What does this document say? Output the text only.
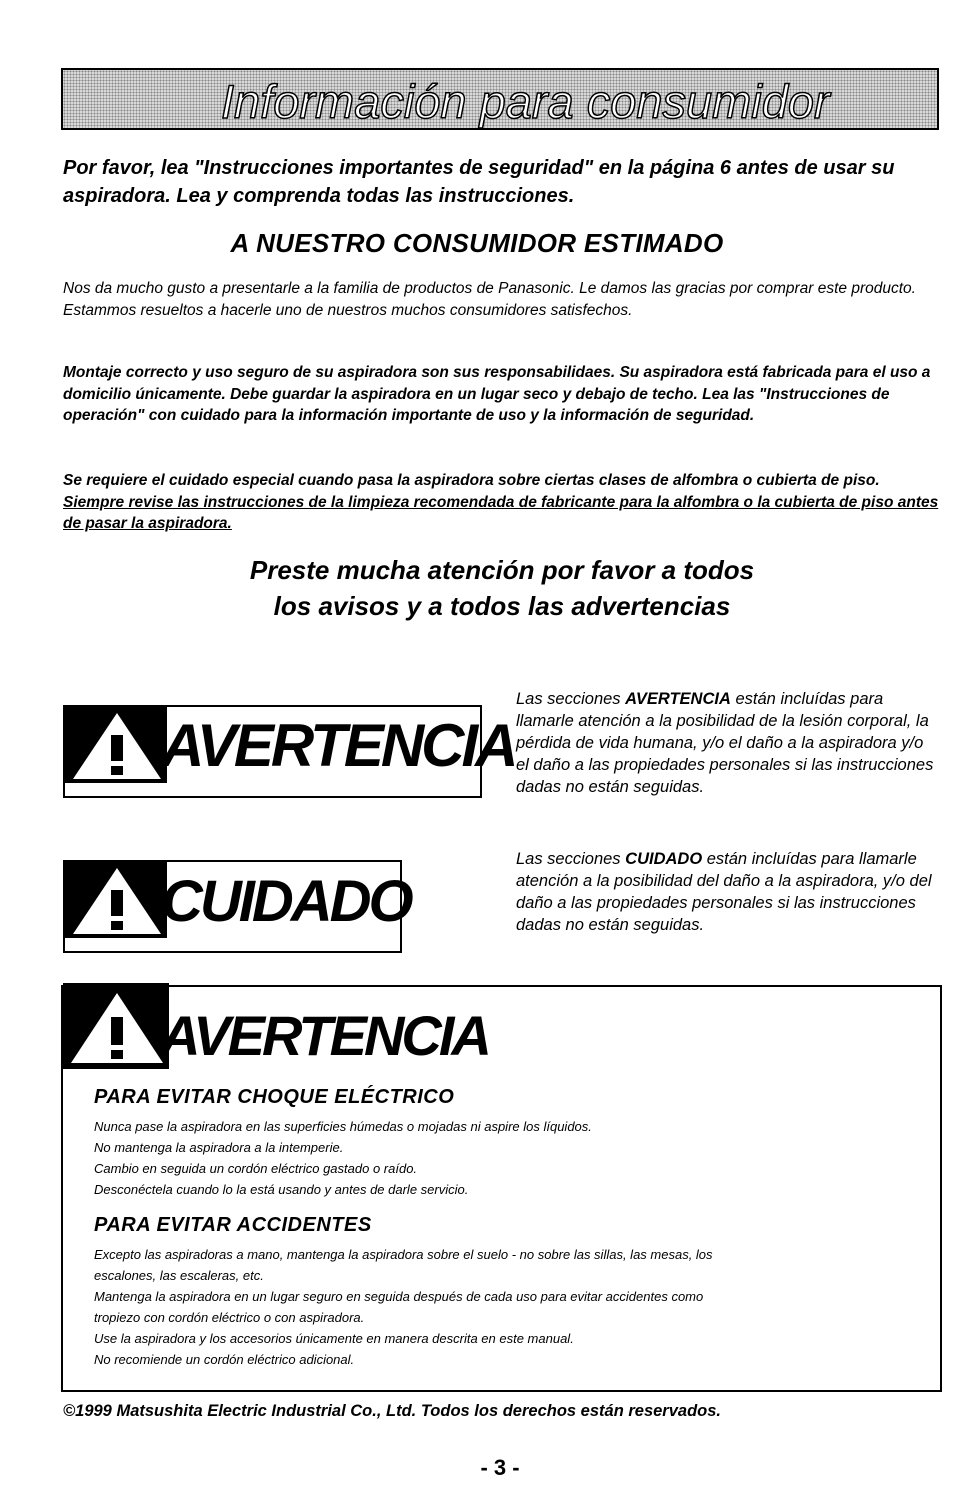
Información para consumidor
Por favor, lea "Instrucciones importantes de seguridad" en la página 6 antes de usar su aspiradora. Lea y comprenda todas las instrucciones.
A NUESTRO CONSUMIDOR ESTIMADO
Nos da mucho gusto a presentarle a la familia de productos de Panasonic. Le damos las gracias por comprar este producto. Estammos resueltos a hacerle uno de nuestros muchos consumidores satisfechos.
Montaje correcto y uso seguro de su aspiradora son sus responsabilidaes. Su aspiradora está fabricada para el uso a domicilio únicamente. Debe guardar la aspiradora en un lugar seco y debajo de techo. Lea las "Instrucciones de operación" con cuidado para la información importante de uso y la información de seguridad.
Se requiere el cuidado especial cuando pasa la aspiradora sobre ciertas clases de alfombra o cubierta de piso. Siempre revise las instrucciones de la limpieza recomendada de fabricante para la alfombra o la cubierta de piso antes de pasar la aspiradora.
Preste mucha atención por favor a todos
los avisos y a todos las advertencias
AVERTENCIA
Las secciones AVERTENCIA están incluídas para llamarle atención a la posibilidad de la lesión corporal, la pérdida de vida humana, y/o el daño a la aspiradora y/o el daño a las propiedades personales si las instrucciones dadas no están seguidas.
CUIDADO
Las secciones CUIDADO están incluídas para llamarle atención a la posibilidad del daño a la aspiradora, y/o del daño a las propiedades personales si las instrucciones dadas no están seguidas.
AVERTENCIA
PARA EVITAR CHOQUE ELÉCTRICO
Nunca pase la aspiradora en las superficies húmedas o mojadas ni aspire los líquidos.
No mantenga la aspiradora a la intemperie.
Cambio en seguida un cordón eléctrico gastado o raído.
Desconéctela cuando lo la está usando y antes de darle servicio.
PARA EVITAR ACCIDENTES
Excepto las aspiradoras a mano, mantenga la aspiradora sobre el suelo - no sobre las sillas, las mesas, los
escalones, las escaleras, etc.
Mantenga la aspiradora en un lugar seguro en seguida después de cada uso para evitar accidentes como
tropiezo con cordón eléctrico o con aspiradora.
Use la aspiradora y los accesorios únicamente en manera descrita en este manual.
No recomiende un cordón eléctrico adicional.
©1999 Matsushita Electric Industrial Co., Ltd. Todos los derechos están reservados.
- 3 -
